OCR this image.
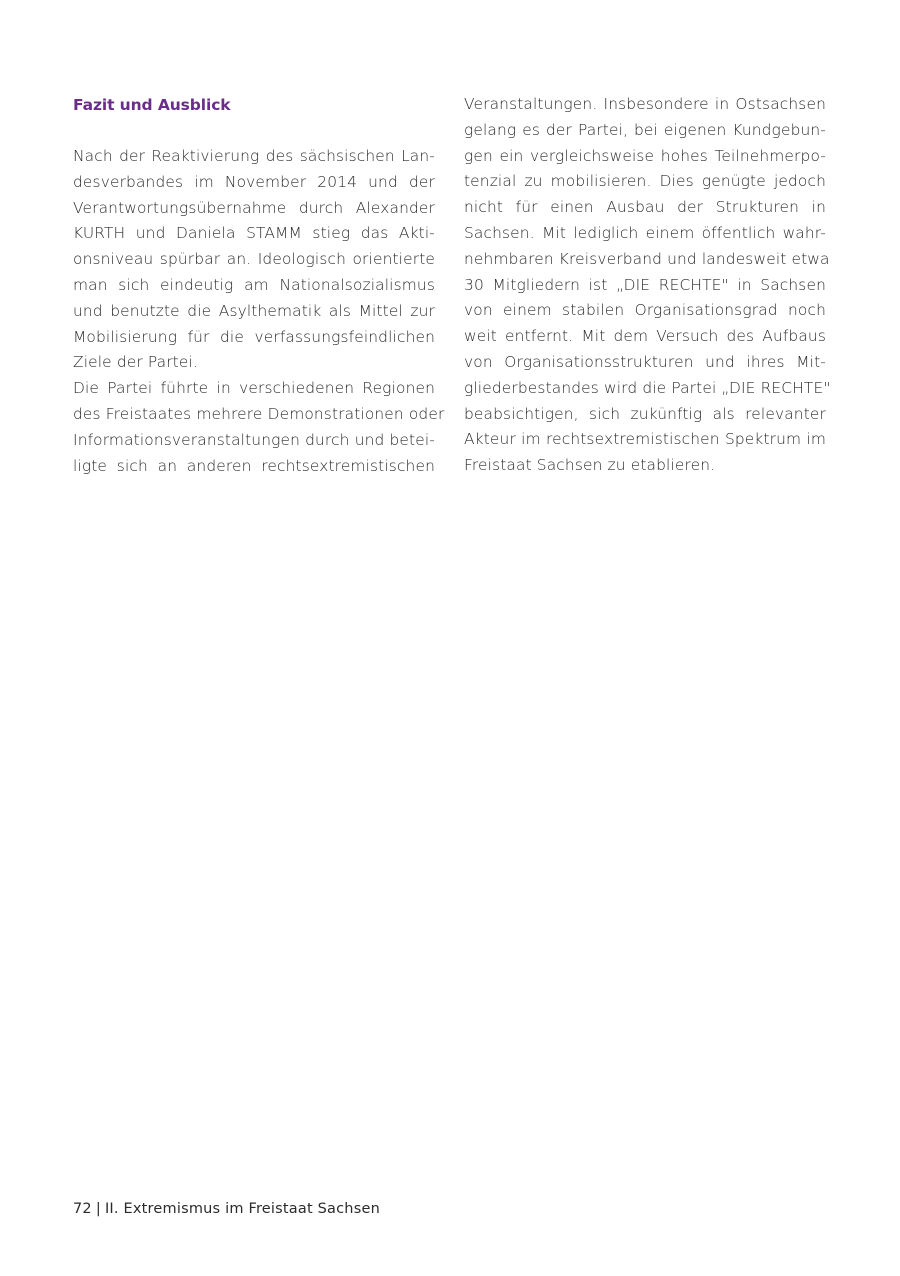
Fazit und Ausblick

Nach der Reaktivierung des sächsischen Lan-
desverbandes im November 2014 und der
Verantwortungsübernahme durch Alexander
KURTH und Daniela STAMM stieg das Akti-
onsniveau spürbar an. Ideologisch orientierte
man sich eindeutig am Nationalsozialismus
und benutzte die Asylthematik als Mittel zur
Mobilisierung für die verfassungsfeindlichen
Ziele der Partei.

Die Partei führte in verschiedenen Regionen
des Freistaates mehrere Demonstrationen oder
Informationsveranstaltungen durch und betei-
ligte sich an anderen rechtsextremistischen

Veranstaltungen. Insbesondere in Ostsachsen
gelang es der Partei, bei eigenen Kundgebun-
gen ein vergleichsweise hohes Teilnehmerpo-
tenzial zu mobilisieren. Dies genügte jedoch
nicht für einen Ausbau der Strukturen in
Sachsen. Mit lediglich einem öffentlich wahr-
nehmbaren Kreisverband und landesweit etwa
30 Mitgliedern ist „DIE RECHTE" in Sachsen
von einem stabilen Organisationsgrad noch
weit entfernt. Mit dem Versuch des Aufbaus
von Organisationsstrukturen und ihres Mit-
gliederbestandes wird die Partei „DIE RECHTE"
beabsichtigen, sich zukünftig als relevanter
Akteur im rechtsextremistischen Spektrum im
Freistaat Sachsen zu etablieren.

72 | II. Extremismus im Freistaat Sachsen
